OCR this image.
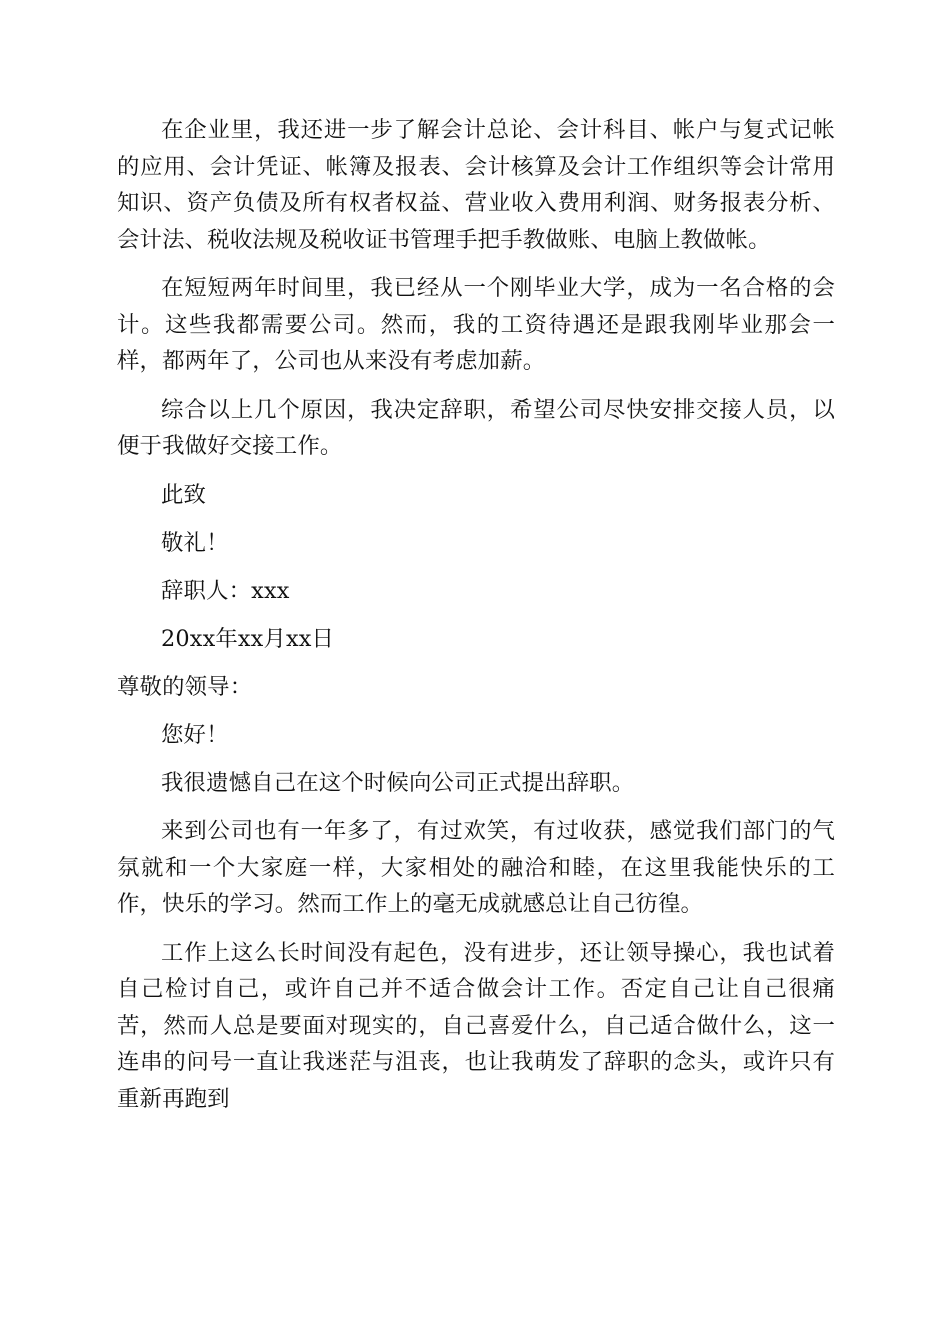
在企业里，我还进一步了解会计总论、会计科目、帐户与复式记帐的应用、会计凭证、帐簿及报表、会计核算及会计工作组织等会计常用知识、资产负债及所有权者权益、营业收入费用利润、财务报表分析、会计法、税收法规及税收证书管理手把手教做账、电脑上教做帐。

在短短两年时间里，我已经从一个刚毕业大学，成为一名合格的会计。这些我都需要公司。然而，我的工资待遇还是跟我刚毕业那会一样，都两年了，公司也从来没有考虑加薪。

综合以上几个原因，我决定辞职，希望公司尽快安排交接人员，以便于我做好交接工作。

此致

敬礼！

辞职人：xxx

20xx年xx月xx日

尊敬的领导：

您好！

我很遗憾自己在这个时候向公司正式提出辞职。

来到公司也有一年多了，有过欢笑，有过收获，感觉我们部门的气氛就和一个大家庭一样，大家相处的融洽和睦，在这里我能快乐的工作，快乐的学习。然而工作上的毫无成就感总让自己彷徨。

工作上这么长时间没有起色，没有进步，还让领导操心，我也试着自己检讨自己，或许自己并不适合做会计工作。否定自己让自己很痛苦，然而人总是要面对现实的，自己喜爱什么，自己适合做什么，这一连串的问号一直让我迷茫与沮丧，也让我萌发了辞职的念头，或许只有重新再跑到
